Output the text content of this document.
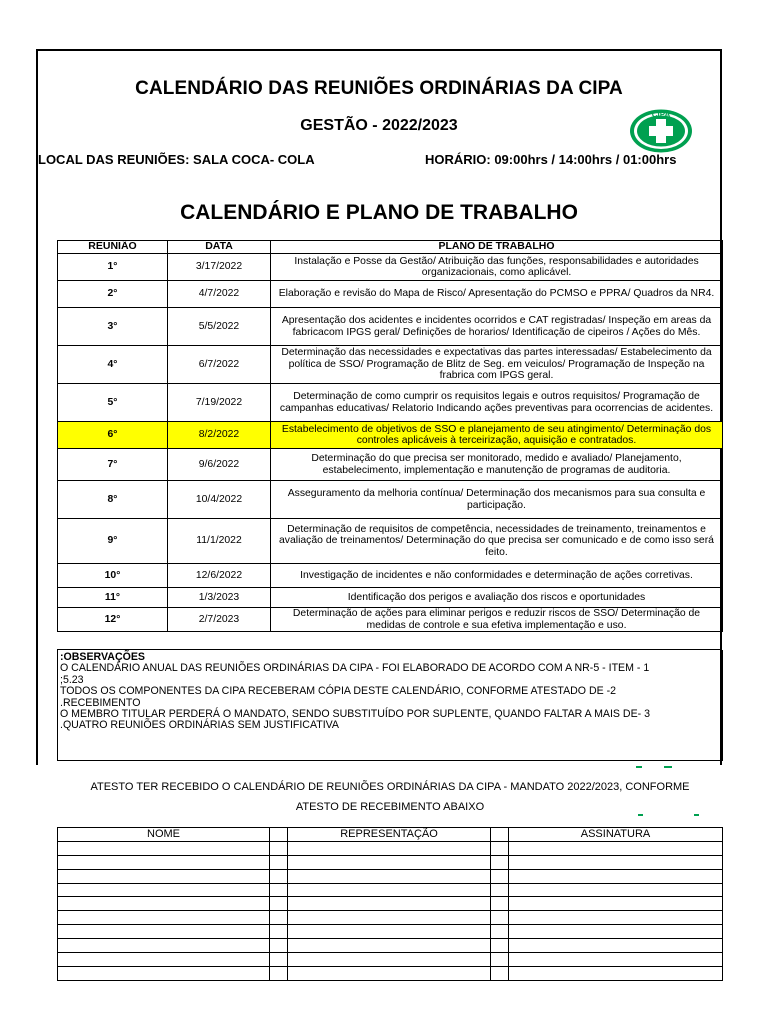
CALENDÁRIO DAS REUNIÕES ORDINÁRIAS DA CIPA
GESTÃO - 2022/2023
CIPA
LOCAL DAS REUNIÕES: SALA COCA- COLA	HORÁRIO: 09:00hrs / 14:00hrs / 01:00hrs
CALENDÁRIO E PLANO DE TRABALHO
REUNIÃO	DATA	PLANO DE TRABALHO
1°	3/17/2022	Instalação e Posse da Gestão/ Atribuição das funções, responsabilidades e autoridades organizacionais, como aplicável.
2°	4/7/2022	Elaboração e revisão do Mapa de Risco/ Apresentação do PCMSO e PPRA/ Quadros da NR4.
3°	5/5/2022	Apresentação dos acidentes e incidentes ocorridos e CAT registradas/ Inspeção em areas da fabricacom IPGS geral/ Definições de horarios/ Identificação de cipeiros / Ações do Mês.
4°	6/7/2022	Determinação das necessidades e expectativas das partes interessadas/ Estabelecimento da política de SSO/ Programação de Blitz de Seg. em veiculos/ Programação de Inspeção na frabrica com IPGS geral.
5°	7/19/2022	Determinação de como cumprir os requisitos legais e outros requisitos/ Programação de campanhas educativas/ Relatorio Indicando ações preventivas para ocorrencias de acidentes.
6°	8/2/2022	Estabelecimento de objetivos de SSO e planejamento de seu atingimento/ Determinação dos controles aplicáveis à terceirização, aquisição e contratados.
7°	9/6/2022	Determinação do que precisa ser monitorado, medido e avaliado/ Planejamento, estabelecimento, implementação e manutenção de programas de auditoria.
8°	10/4/2022	Asseguramento da melhoria contínua/ Determinação dos mecanismos para sua consulta e participação.
9°	11/1/2022	Determinação de requisitos de competência, necessidades de treinamento, treinamentos e avaliação de treinamentos/ Determinação do que precisa ser comunicado e de como isso será feito.
10°	12/6/2022	Investigação de incidentes e não conformidades e determinação de ações corretivas.
11°	1/3/2023	Identificação dos perigos e avaliação dos riscos e oportunidades
12°	2/7/2023	Determinação de ações para eliminar perigos e reduzir riscos de SSO/ Determinação de medidas de controle e sua efetiva implementação e uso.
:OBSERVAÇÕES
O CALENDÁRIO ANUAL DAS REUNIÕES ORDINÁRIAS DA CIPA - FOI ELABORADO DE ACORDO COM A NR-5 - ITEM - 1
;5.23
TODOS OS COMPONENTES DA CIPA RECEBERAM CÓPIA DESTE CALENDÁRIO, CONFORME ATESTADO DE -2
.RECEBIMENTO
O MEMBRO TITULAR PERDERÁ O MANDATO, SENDO SUBSTITUÍDO POR SUPLENTE, QUANDO FALTAR A MAIS DE- 3
.QUATRO REUNIÕES ORDINÁRIAS SEM JUSTIFICATIVA
ATESTO TER RECEBIDO O CALENDÁRIO DE REUNIÕES ORDINÁRIAS DA CIPA - MANDATO 2022/2023, CONFORME
ATESTO DE RECEBIMENTO ABAIXO
NOME		REPRESENTAÇÃO		ASSINATURA
